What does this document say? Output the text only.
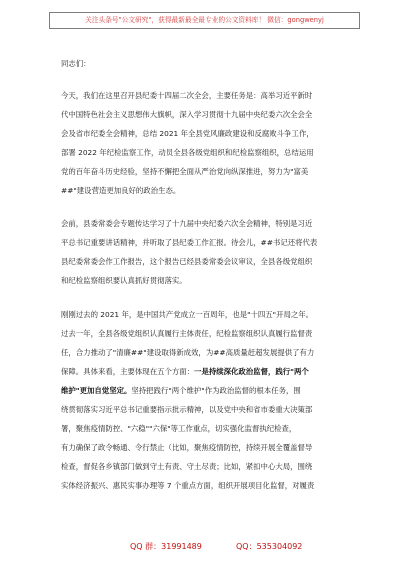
关注头条号"公文研究"，获得最新最全最专业的公文资料库！ 微信：gongwenyj
同志们：
今天，我们在这里召开县纪委十四届二次全会，主要任务是：高举习近平新时
代中国特色社会主义思想伟大旗帜，深入学习贯彻十九届中央纪委六次全会全
会及省市纪委全会精神，总结 2021 年全县党风廉政建设和反腐败斗争工作，
部署 2022 年纪检监察工作，动员全县各级党组织和纪检监察组织，总结运用
党的百年奋斗历史经验，坚持不懈把全面从严治党向纵深推进，努力为"富美
##"建设营造更加良好的政治生态。
会前，县委常委会专题传达学习了十九届中央纪委六次全会精神，特别是习近
平总书记重要讲话精神，并听取了县纪委工作汇报。待会儿，##书记还将代表
县纪委常委会作工作报告，这个报告已经县委常委会议审议，全县各级党组织
和纪检监察组织要认真抓好贯彻落实。
刚刚过去的 2021 年，是中国共产党成立一百周年，也是"十四五"开局之年。
过去一年，全县各级党组织认真履行主体责任，纪检监察组织认真履行监督责
任，合力推动了"清廉##"建设取得新成效，为##高质量赶超发展提供了有力
保障。具体来看，主要体现在五个方面：一是持续深化政治监督，践行"两个
维护"更加自觉坚定。坚持把践行"两个维护"作为政治监督的根本任务，围
绕贯彻落实习近平总书记重要指示批示精神，以及党中央和省市委重大决策部
署，聚焦疫情防控、"六稳""六保"等工作重点，切实强化监督执纪检查，
有力确保了政令畅通、令行禁止（比如，聚焦疫情防控，持续开展全覆盖督导
检查，督促各乡镇部门做到守土有责、守土尽责；比如，紧扣中心大局，围绕
实体经济振兴、惠民实事办理等 7 个重点方面，组织开展项目化监督，对履责
QQ 群：31991489	QQ：535304092
